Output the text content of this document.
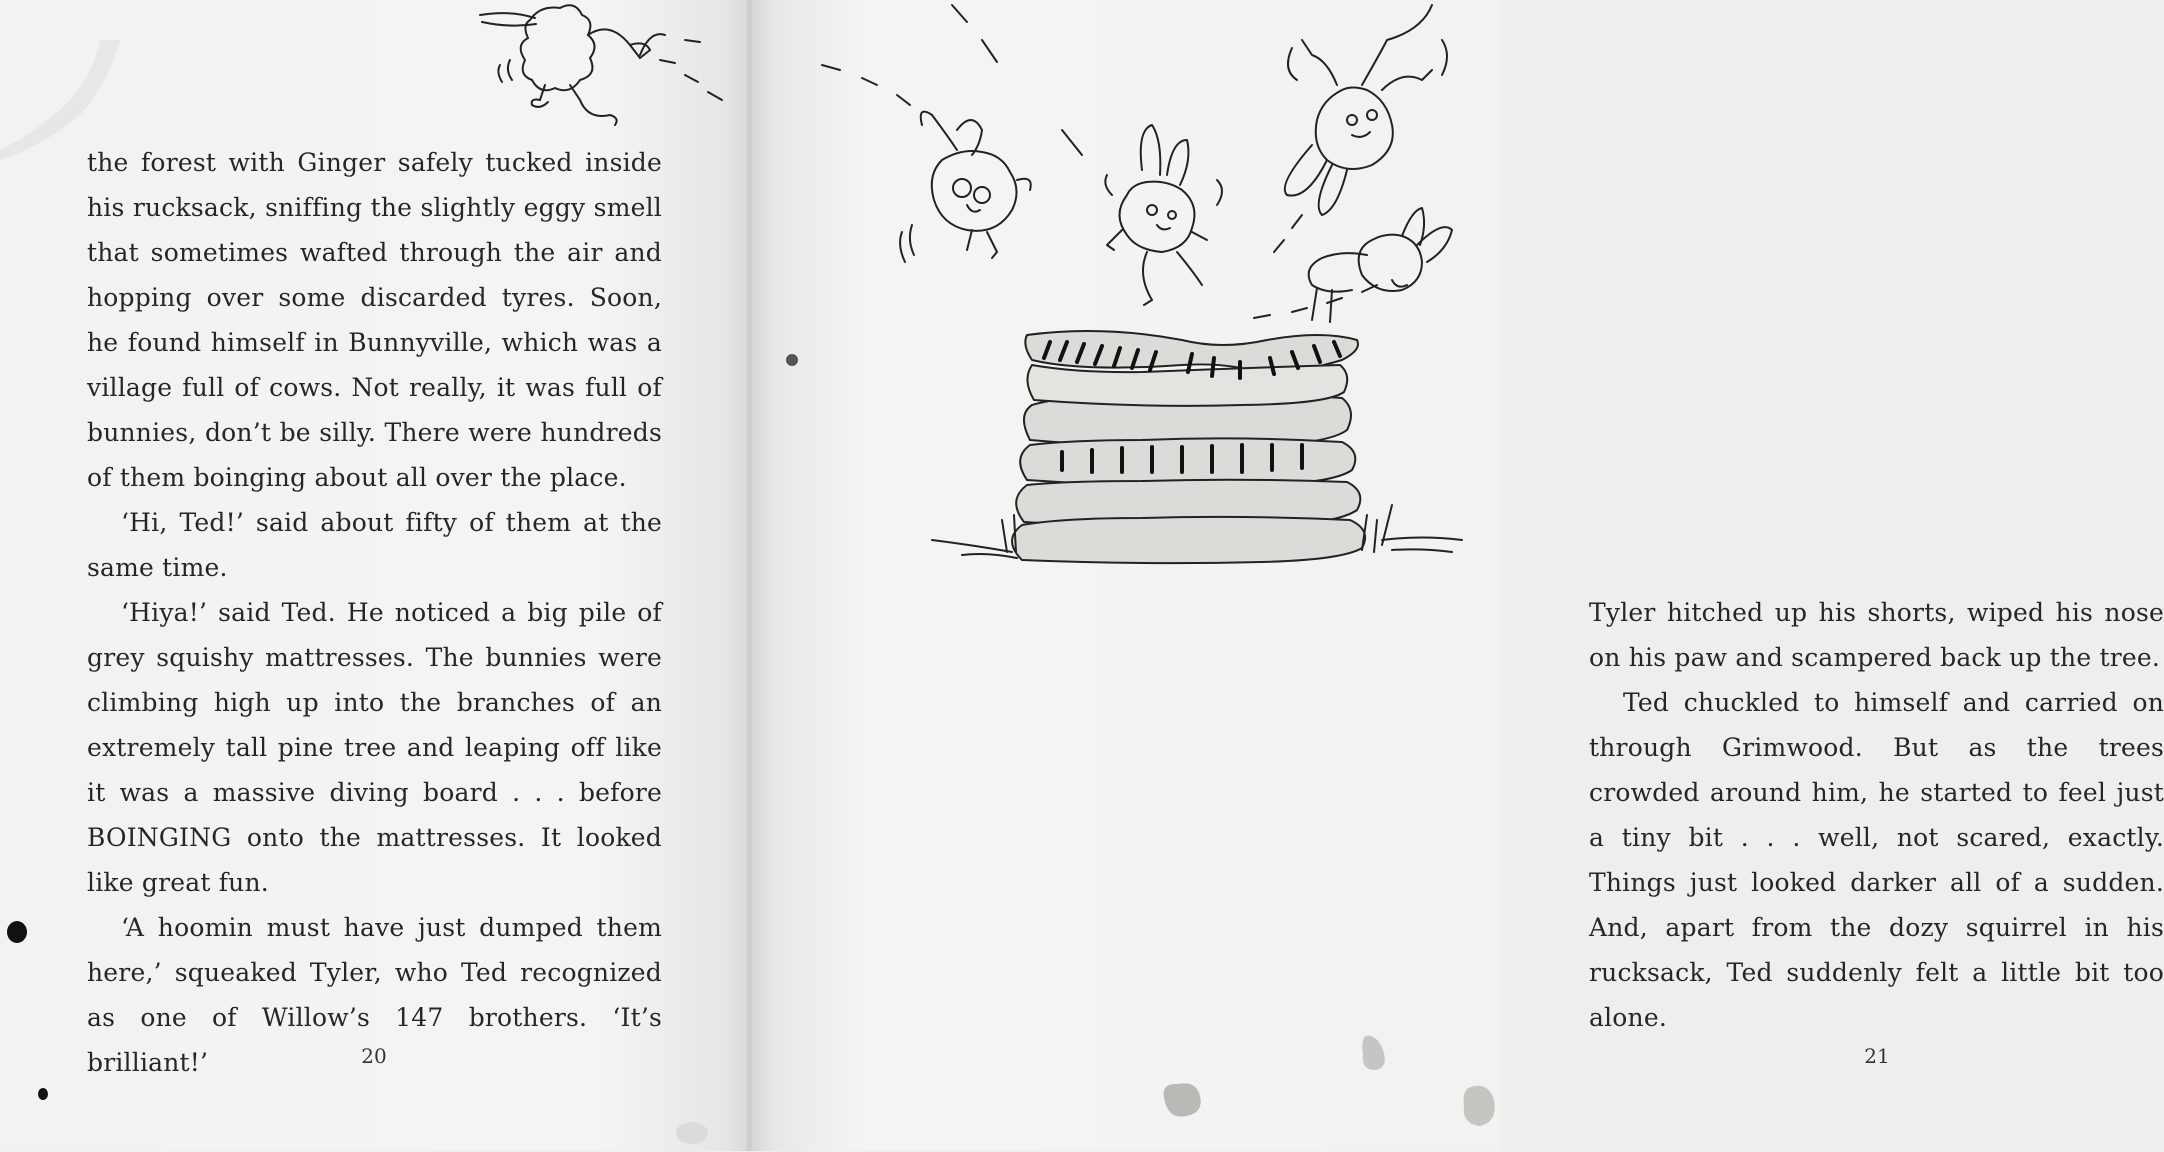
the forest with Ginger safely tucked inside his rucksack, sniffing the slightly eggy smell that sometimes wafted through the air and hopping over some discarded tyres. Soon, he found himself in Bunnyville, which was a village full of cows. Not really, it was full of bunnies, don’t be silly. There were hundreds of them boinging about all over the place.

‘Hi, Ted!’ said about fifty of them at the same time.

‘Hiya!’ said Ted. He noticed a big pile of grey squishy mattresses. The bunnies were climbing high up into the branches of an extremely tall pine tree and leaping off like it was a massive diving board . . . before BOINGING onto the mattresses. It looked like great fun.

‘A hoomin must have just dumped them here,’ squeaked Tyler, who Ted recognized as one of Willow’s 147 brothers. ‘It’s brilliant!’	20

Tyler hitched up his shorts, wiped his nose on his paw and scampered back up the tree.

Ted chuckled to himself and carried on through Grimwood. But as the trees crowded around him, he started to feel just a tiny bit . . . well, not scared, exactly. Things just looked darker all of a sudden. And, apart from the dozy squirrel in his rucksack, Ted suddenly felt a little bit too alone.

21
